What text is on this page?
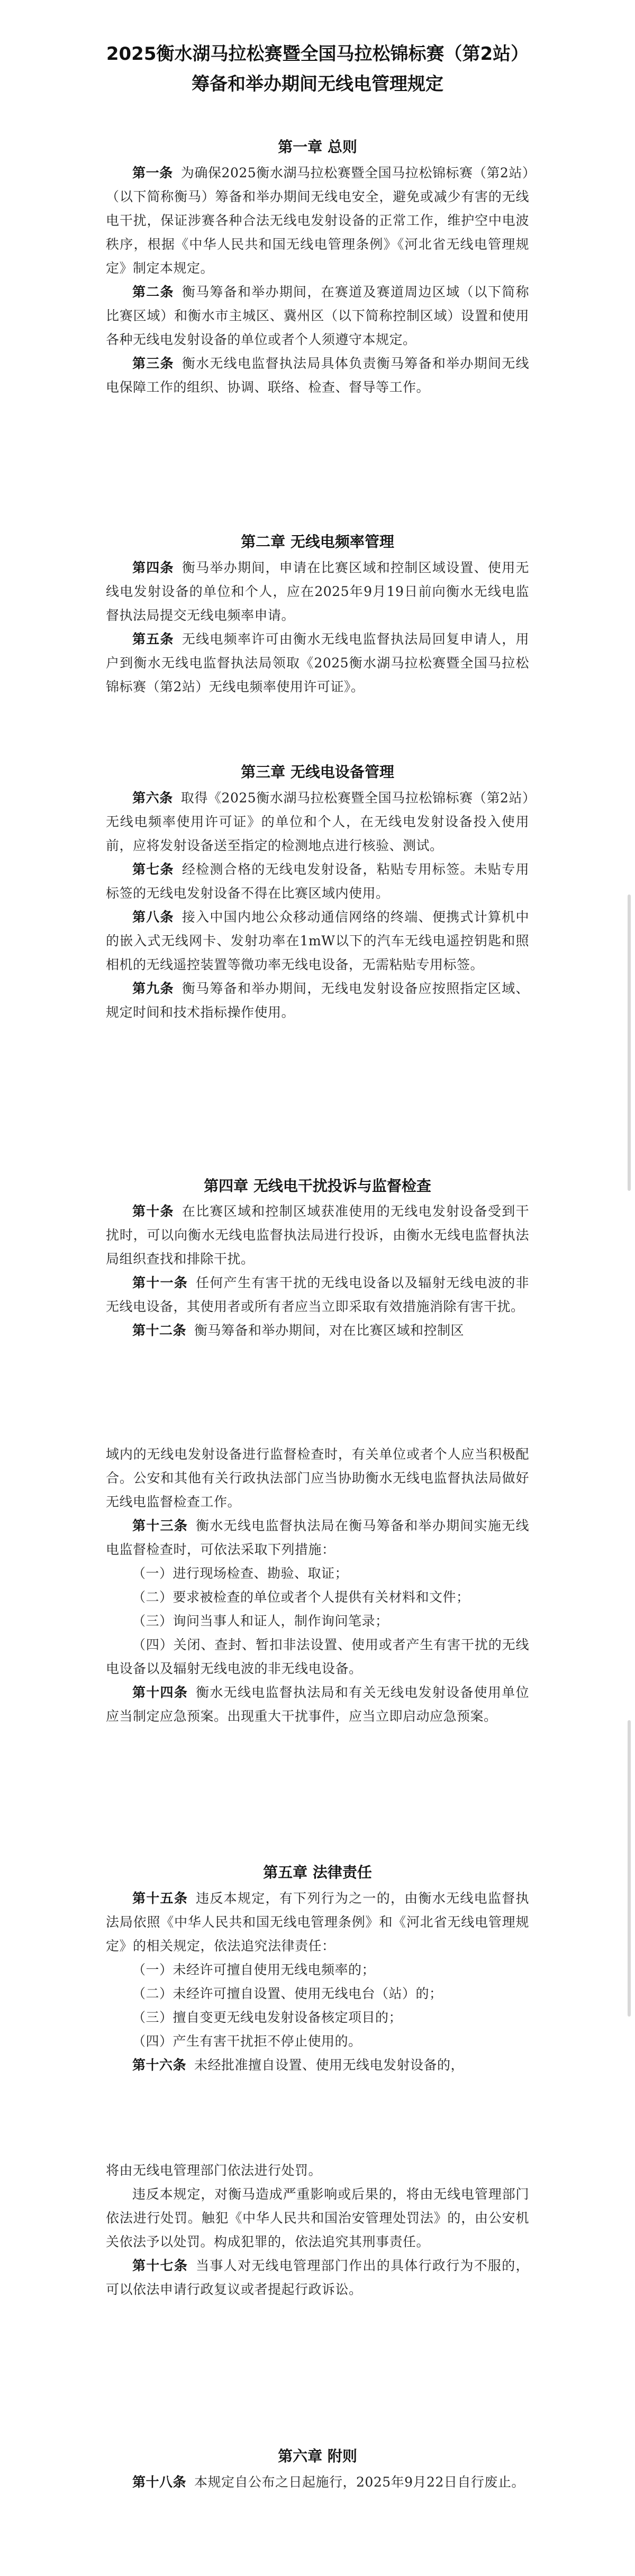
2025衡水湖马拉松赛暨全国马拉松锦标赛（第2站）
筹备和举办期间无线电管理规定
第一章 总则

第一条 为确保2025衡水湖马拉松赛暨全国马拉松锦标赛（第2站）（以下简称衡马）筹备和举办期间无线电安全，避免或减少有害的无线电干扰，保证涉赛各种合法无线电发射设备的正常工作，维护空中电波秩序，根据《中华人民共和国无线电管理条例》《河北省无线电管理规定》制定本规定。

第二条 衡马筹备和举办期间，在赛道及赛道周边区域（以下简称比赛区域）和衡水市主城区、冀州区（以下简称控制区域）设置和使用各种无线电发射设备的单位或者个人须遵守本规定。

第三条 衡水无线电监督执法局具体负责衡马筹备和举办期间无线电保障工作的组织、协调、联络、检查、督导等工作。

第二章 无线电频率管理

第四条 衡马举办期间，申请在比赛区域和控制区域设置、使用无线电发射设备的单位和个人，应在2025年9月19日前向衡水无线电监督执法局提交无线电频率申请。

第五条 无线电频率许可由衡水无线电监督执法局回复申请人，用户到衡水无线电监督执法局领取《2025衡水湖马拉松赛暨全国马拉松锦标赛（第2站）无线电频率使用许可证》。

第三章 无线电设备管理

第六条 取得《2025衡水湖马拉松赛暨全国马拉松锦标赛（第2站）无线电频率使用许可证》的单位和个人，在无线电发射设备投入使用前，应将发射设备送至指定的检测地点进行核验、测试。

第七条 经检测合格的无线电发射设备，粘贴专用标签。未贴专用标签的无线电发射设备不得在比赛区域内使用。

第八条 接入中国内地公众移动通信网络的终端、便携式计算机中的嵌入式无线网卡、发射功率在1mW以下的汽车无线电遥控钥匙和照相机的无线遥控装置等微功率无线电设备，无需粘贴专用标签。

第九条 衡马筹备和举办期间，无线电发射设备应按照指定区域、规定时间和技术指标操作使用。

第四章 无线电干扰投诉与监督检查

第十条 在比赛区域和控制区域获准使用的无线电发射设备受到干扰时，可以向衡水无线电监督执法局进行投诉，由衡水无线电监督执法局组织查找和排除干扰。

第十一条 任何产生有害干扰的无线电设备以及辐射无线电波的非无线电设备，其使用者或所有者应当立即采取有效措施消除有害干扰。

第十二条 衡马筹备和举办期间，对在比赛区域和控制区

域内的无线电发射设备进行监督检查时，有关单位或者个人应当积极配合。公安和其他有关行政执法部门应当协助衡水无线电监督执法局做好无线电监督检查工作。

第十三条 衡水无线电监督执法局在衡马筹备和举办期间实施无线电监督检查时，可依法采取下列措施：

（一）进行现场检查、勘验、取证；

（二）要求被检查的单位或者个人提供有关材料和文件；

（三）询问当事人和证人，制作询问笔录；

（四）关闭、查封、暂扣非法设置、使用或者产生有害干扰的无线电设备以及辐射无线电波的非无线电设备。

第十四条 衡水无线电监督执法局和有关无线电发射设备使用单位应当制定应急预案。出现重大干扰事件，应当立即启动应急预案。

第五章 法律责任

第十五条 违反本规定，有下列行为之一的，由衡水无线电监督执法局依照《中华人民共和国无线电管理条例》和《河北省无线电管理规定》的相关规定，依法追究法律责任：

（一）未经许可擅自使用无线电频率的；

（二）未经许可擅自设置、使用无线电台（站）的；

（三）擅自变更无线电发射设备核定项目的；

（四）产生有害干扰拒不停止使用的。

第十六条 未经批准擅自设置、使用无线电发射设备的，

将由无线电管理部门依法进行处罚。

违反本规定，对衡马造成严重影响或后果的，将由无线电管理部门依法进行处罚。触犯《中华人民共和国治安管理处罚法》的，由公安机关依法予以处罚。构成犯罪的，依法追究其刑事责任。

第十七条 当事人对无线电管理部门作出的具体行政行为不服的，可以依法申请行政复议或者提起行政诉讼。

第六章 附则

第十八条 本规定自公布之日起施行，2025年9月22日自行废止。
